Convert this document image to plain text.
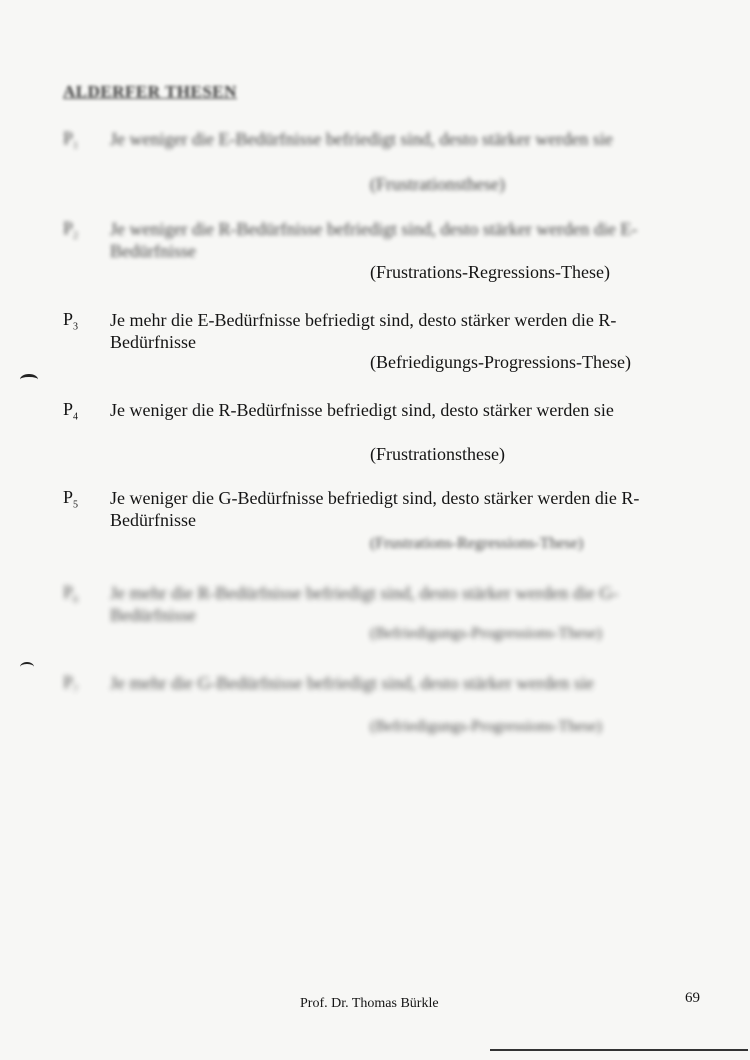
ALDERFER THESEN
$P_1$ Je weniger die E-Bedürfnisse befriedigt sind, desto stärker werden sie
(Frustrationsthese)
$P_2$ Je weniger die R-Bedürfnisse befriedigt sind, desto stärker werden die E-Bedürfnisse
(Frustrations-Regressions-These)
$P_3$ Je mehr die E-Bedürfnisse befriedigt sind, desto stärker werden die R-Bedürfnisse
(Befriedigungs-Progressions-These)
$P_4$ Je weniger die R-Bedürfnisse befriedigt sind, desto stärker werden sie
(Frustrationsthese)
$P_5$ Je weniger die G-Bedürfnisse befriedigt sind, desto stärker werden die R-Bedürfnisse
(Frustrations-Regressions-These)
$P_6$ Je mehr die R-Bedürfnisse befriedigt sind, desto stärker werden die G-Bedürfnisse
(Befriedigungs-Progressions-These)
$P_7$ Je mehr die G-Bedürfnisse befriedigt sind, desto stärker werden sie
(Befriedigungs-Progressions-These)
Prof. Dr. Thomas Bürkle	69
